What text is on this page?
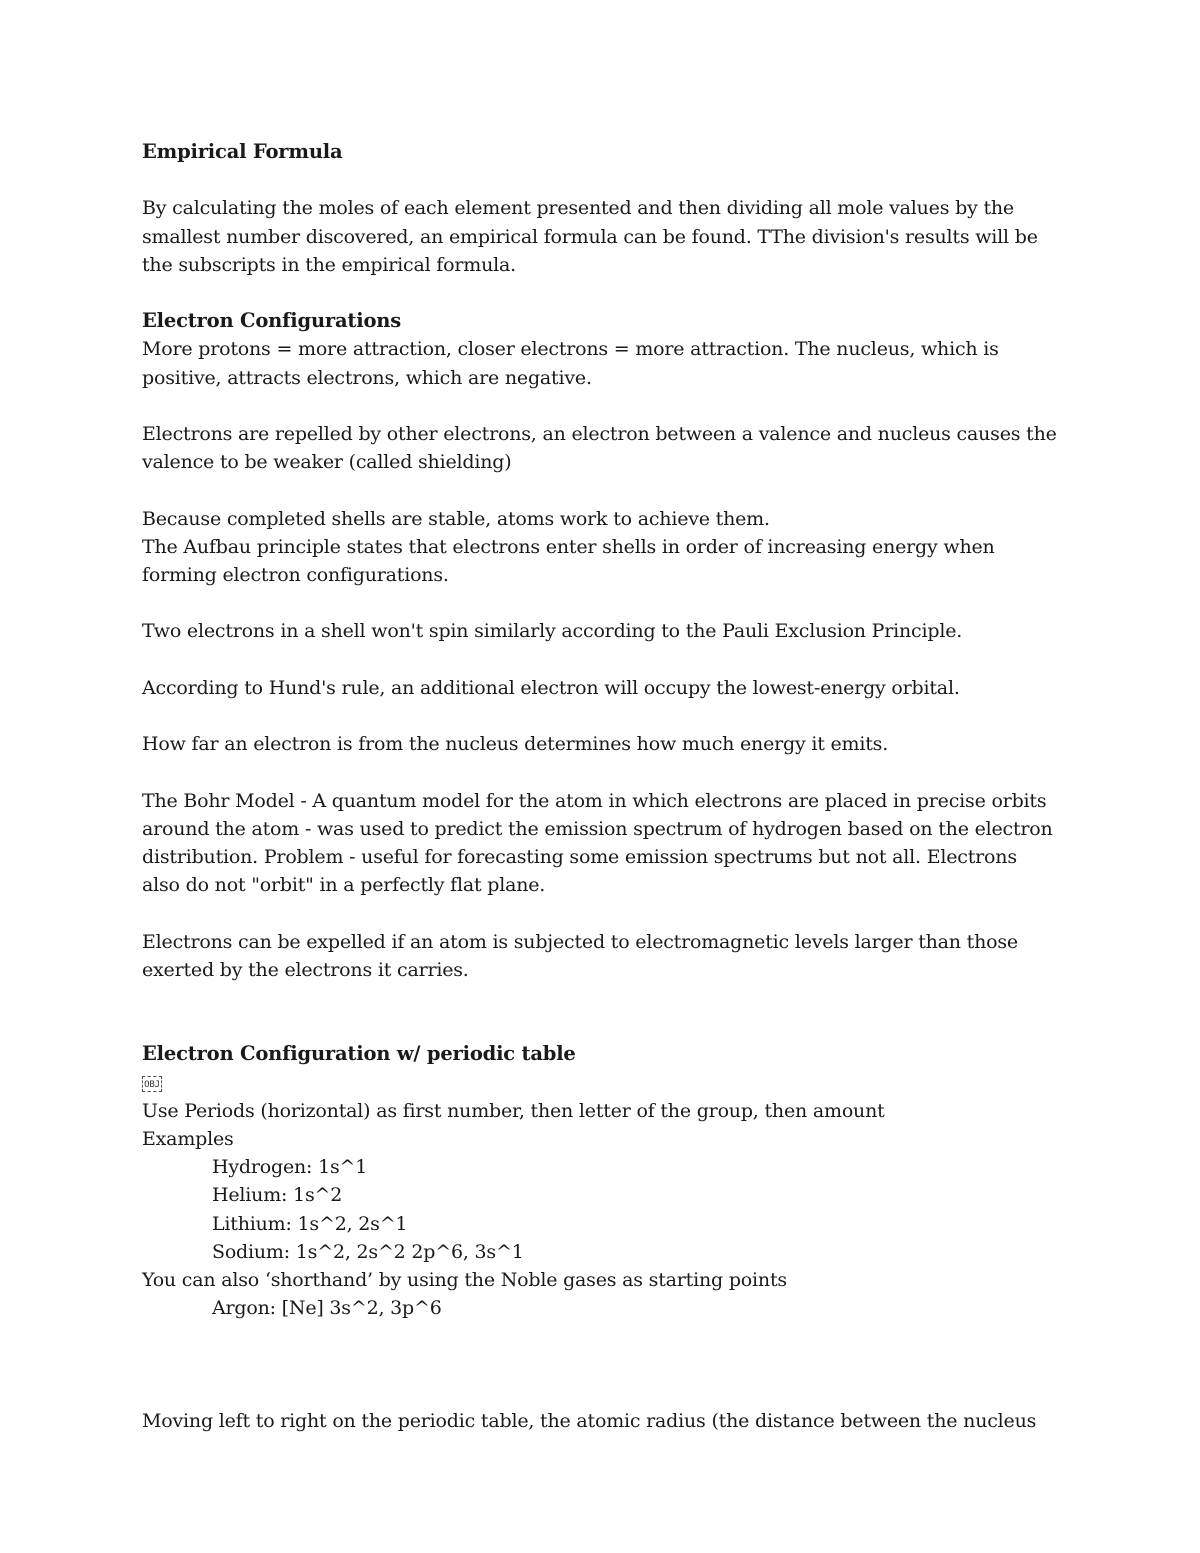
Empirical Formula

By calculating the moles of each element presented and then dividing all mole values by the

smallest number discovered, an empirical formula can be found. TThe division's results will be

the subscripts in the empirical formula.

Electron Configurations

More protons = more attraction, closer electrons = more attraction. The nucleus, which is

positive, attracts electrons, which are negative.

Electrons are repelled by other electrons, an electron between a valence and nucleus causes the

valence to be weaker (called shielding)

Because completed shells are stable, atoms work to achieve them.

The Aufbau principle states that electrons enter shells in order of increasing energy when

forming electron configurations.

Two electrons in a shell won't spin similarly according to the Pauli Exclusion Principle.

According to Hund's rule, an additional electron will occupy the lowest-energy orbital.

How far an electron is from the nucleus determines how much energy it emits.

The Bohr Model - A quantum model for the atom in which electrons are placed in precise orbits

around the atom - was used to predict the emission spectrum of hydrogen based on the electron

distribution. Problem - useful for forecasting some emission spectrums but not all. Electrons

also do not "orbit" in a perfectly flat plane.

Electrons can be expelled if an atom is subjected to electromagnetic levels larger than those

exerted by the electrons it carries.

Electron Configuration w/ periodic table

OBJ

Use Periods (horizontal) as first number, then letter of the group, then amount

Examples

Hydrogen: 1s^1

Helium: 1s^2

Lithium: 1s^2, 2s^1

Sodium: 1s^2, 2s^2 2p^6, 3s^1

You can also ‘shorthand’ by using the Noble gases as starting points

Argon: [Ne] 3s^2, 3p^6

Moving left to right on the periodic table, the atomic radius (the distance between the nucleus
